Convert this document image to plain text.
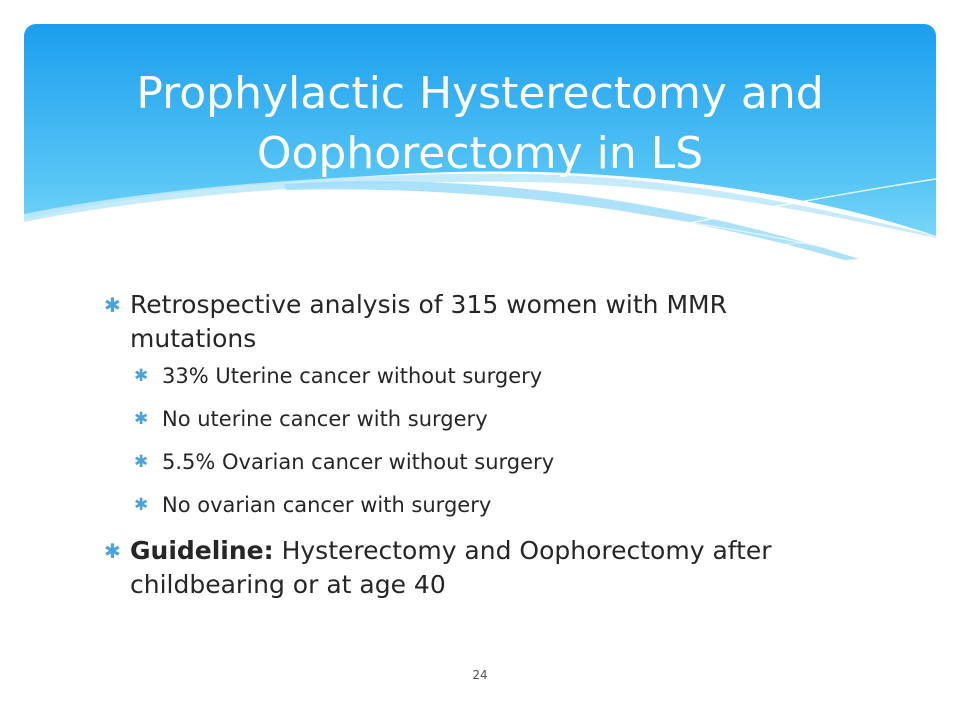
Prophylactic Hysterectomy and
Oophorectomy in LS
✱ Retrospective analysis of 315 women with MMR mutations
✱ 33% Uterine cancer without surgery
✱ No uterine cancer with surgery
✱ 5.5% Ovarian cancer without surgery
✱ No ovarian cancer with surgery
✱ Guideline: Hysterectomy and Oophorectomy after childbearing or at age 40
24
